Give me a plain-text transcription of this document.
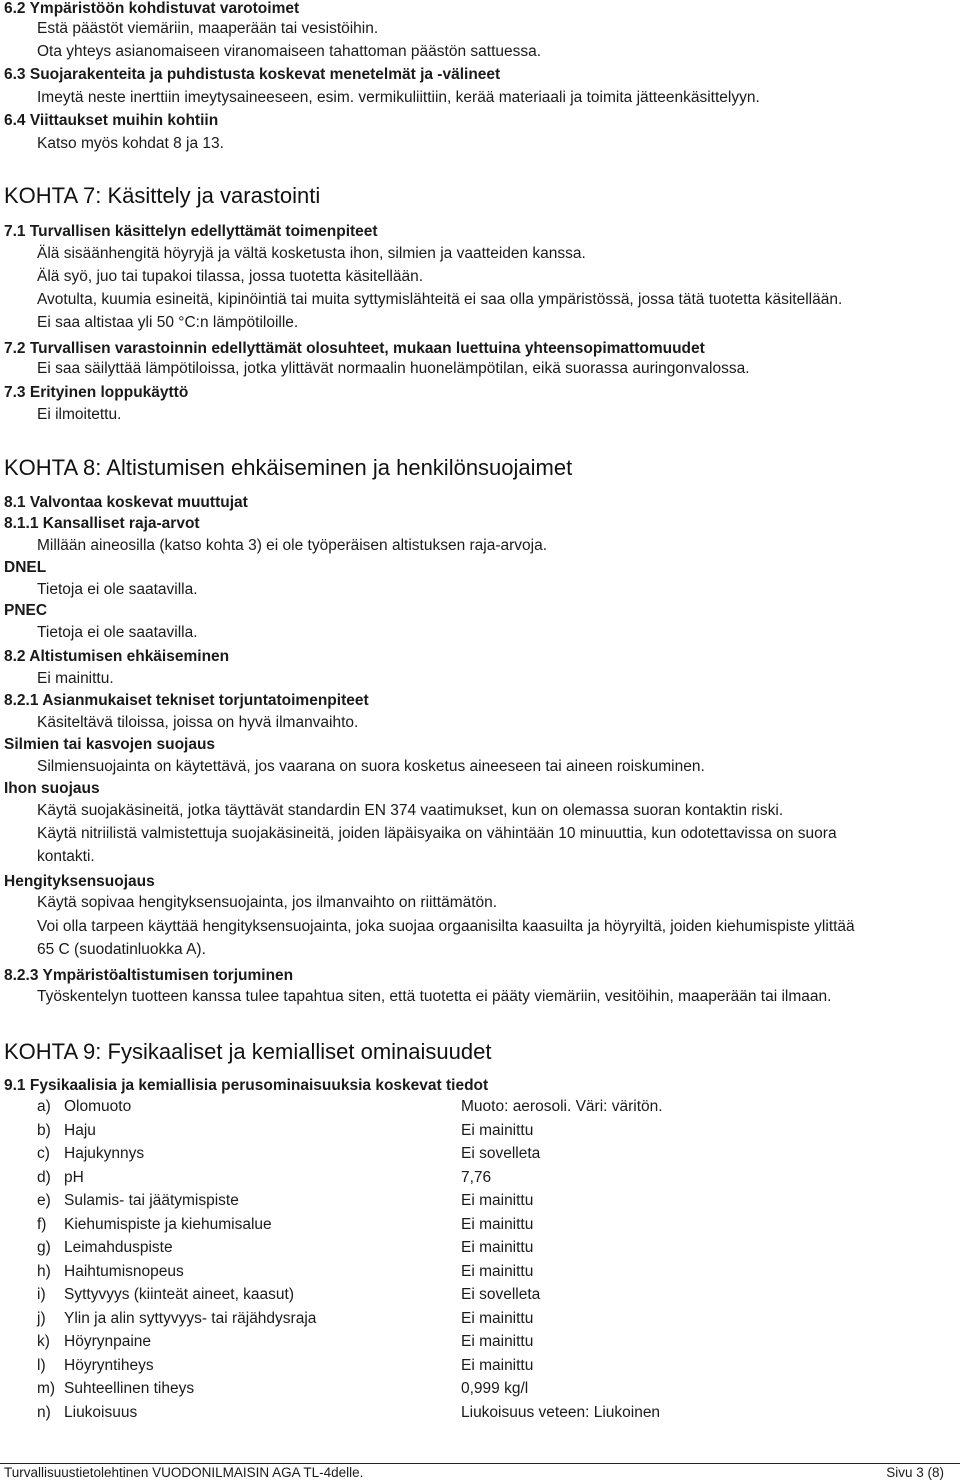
6.2 Ympäristöön kohdistuvat varotoimet
Estä päästöt viemäriin, maaperään tai vesistöihin.
Ota yhteys asianomaiseen viranomaiseen tahattoman päästön sattuessa.
6.3 Suojarakenteita ja puhdistusta koskevat menetelmät ja -välineet
Imeytä neste inerttiin imeytysaineeseen, esim. vermikuliittiin, kerää materiaali ja toimita jätteenkäsittelyyn.
6.4 Viittaukset muihin kohtiin
Katso myös kohdat 8 ja 13.
KOHTA 7: Käsittely ja varastointi
7.1 Turvallisen käsittelyn edellyttämät toimenpiteet
Älä sisäänhengitä höyryjä ja vältä kosketusta ihon, silmien ja vaatteiden kanssa.
Älä syö, juo tai tupakoi tilassa, jossa tuotetta käsitellään.
Avotulta, kuumia esineitä, kipinöintiä tai muita syttymislähteitä ei saa olla ympäristössä, jossa tätä tuotetta käsitellään.
Ei saa altistaa yli 50 °C:n lämpötiloille.
7.2 Turvallisen varastoinnin edellyttämät olosuhteet, mukaan luettuina yhteensopimattomuudet
Ei saa säilyttää lämpötiloissa, jotka ylittävät normaalin huonelämpötilan, eikä suorassa auringonvalossa.
7.3 Erityinen loppukäyttö
Ei ilmoitettu.
KOHTA 8: Altistumisen ehkäiseminen ja henkilönsuojaimet
8.1 Valvontaa koskevat muuttujat
8.1.1 Kansalliset raja-arvot
Millään aineosilla (katso kohta 3) ei ole työperäisen altistuksen raja-arvoja.
DNEL
Tietoja ei ole saatavilla.
PNEC
Tietoja ei ole saatavilla.
8.2 Altistumisen ehkäiseminen
Ei mainittu.
8.2.1 Asianmukaiset tekniset torjuntatoimenpiteet
Käsiteltävä tiloissa, joissa on hyvä ilmanvaihto.
Silmien tai kasvojen suojaus
Silmiensuojainta on käytettävä, jos vaarana on suora kosketus aineeseen tai aineen roiskuminen.
Ihon suojaus
Käytä suojakäsineitä, jotka täyttävät standardin EN 374 vaatimukset, kun on olemassa suoran kontaktin riski.
Käytä nitriilistä valmistettuja suojakäsineitä, joiden läpäisyaika on vähintään 10 minuuttia, kun odotettavissa on suora
kontakti.
Hengityksensuojaus
Käytä sopivaa hengityksensuojainta, jos ilmanvaihto on riittämätön.
Voi olla tarpeen käyttää hengityksensuojainta, joka suojaa orgaanisilta kaasuilta ja höyryiltä, joiden kiehumispiste ylittää
65 C (suodatinluokka A).
8.2.3 Ympäristöaltistumisen torjuminen
Työskentelyn tuotteen kanssa tulee tapahtua siten, että tuotetta ei pääty viemäriin, vesitöihin, maaperään tai ilmaan.
KOHTA 9: Fysikaaliset ja kemialliset ominaisuudet
9.1 Fysikaalisia ja kemiallisia perusominaisuuksia koskevat tiedot
a) Olomuoto	Muoto: aerosoli. Väri: väritön.
b) Haju	Ei mainittu
c) Hajukynnys	Ei sovelleta
d) pH	7,76
e) Sulamis- tai jäätymispiste	Ei mainittu
f) Kiehumispiste ja kiehumisalue	Ei mainittu
g) Leimahduspiste	Ei mainittu
h) Haihtumisnopeus	Ei mainittu
i) Syttyvyys (kiinteät aineet, kaasut)	Ei sovelleta
j) Ylin ja alin syttyvyys- tai räjähdysraja	Ei mainittu
k) Höyrynpaine	Ei mainittu
l) Höyryntiheys	Ei mainittu
m) Suhteellinen tiheys	0,999 kg/l
n) Liukoisuus	Liukoisuus veteen: Liukoinen
Turvallisuustietolehtinen VUODONILMAISIN AGA TL-4delle.	Sivu 3 (8)
